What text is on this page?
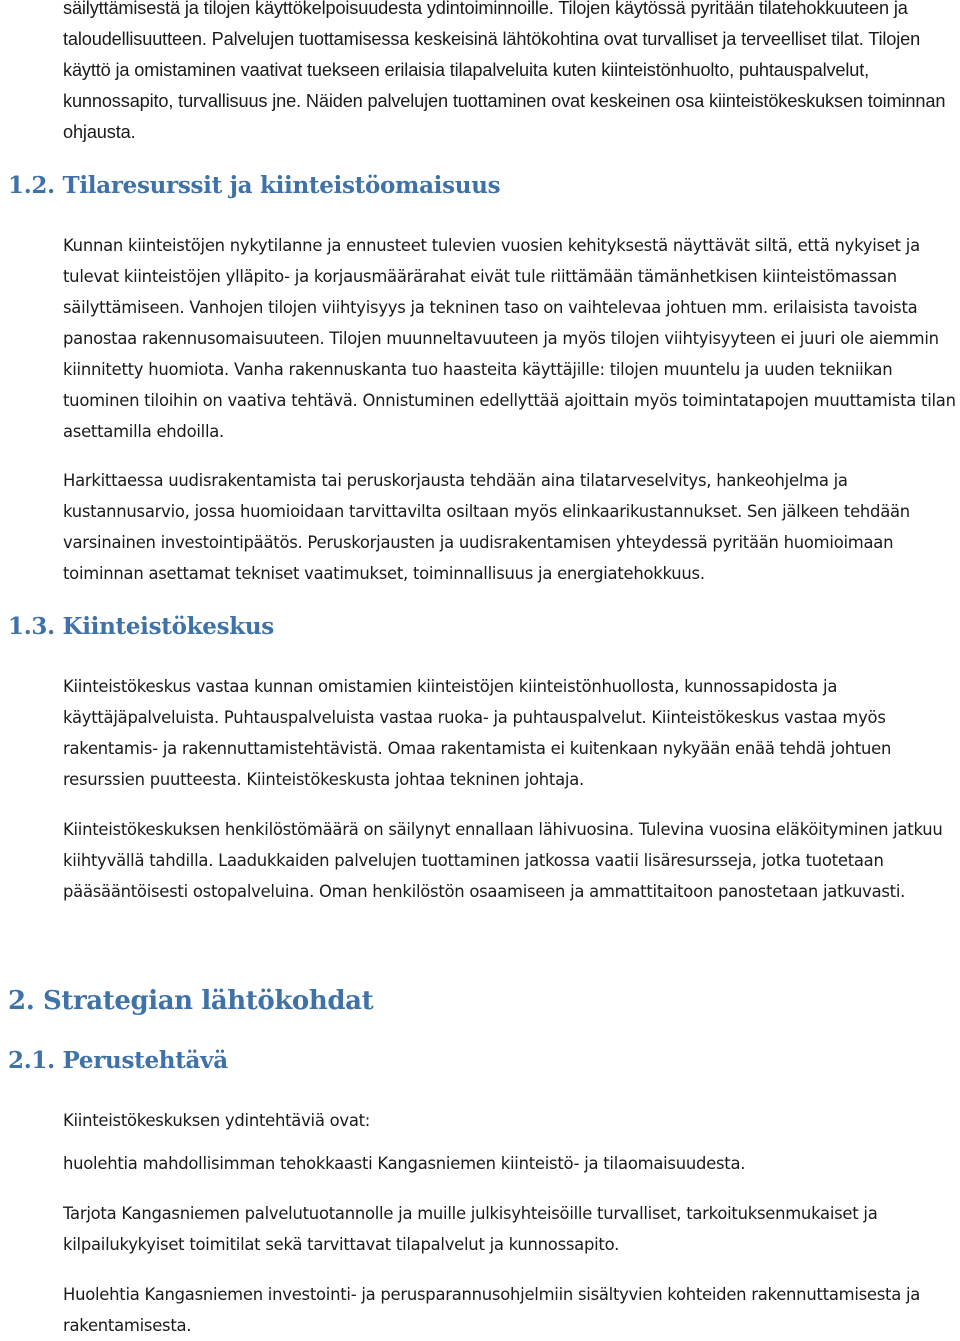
säilyttämisestä ja tilojen käyttökelpoisuudesta ydintoiminnoille. Tilojen käytössä pyritään tilatehokkuuteen ja taloudellisuutteen. Palvelujen tuottamisessa keskeisinä lähtökohtina ovat turvalliset ja terveelliset tilat. Tilojen käyttö ja omistaminen vaativat tuekseen erilaisia tilapalveluita kuten kiinteistönhuolto, puhtauspalvelut, kunnossapito, turvallisuus jne. Näiden palvelujen tuottaminen ovat keskeinen osa kiinteistökeskuksen toiminnan ohjausta.

1.2. Tilaresurssit ja kiinteistöomaisuus

Kunnan kiinteistöjen nykytilanne ja ennusteet tulevien vuosien kehityksestä näyttävät siltä, että nykyiset ja tulevat kiinteistöjen ylläpito- ja korjausmäärärahat eivät tule riittämään tämänhetkisen kiinteistömassan säilyttämiseen. Vanhojen tilojen viihtyisyys ja tekninen taso on vaihtelevaa johtuen mm. erilaisista tavoista panostaa rakennusomaisuuteen. Tilojen muunneltavuuteen ja myös tilojen viihtyisyyteen ei juuri ole aiemmin kiinnitetty huomiota. Vanha rakennuskanta tuo haasteita käyttäjille: tilojen muuntelu ja uuden tekniikan tuominen tiloihin on vaativa tehtävä. Onnistuminen edellyttää ajoittain myös toimintatapojen muuttamista tilan asettamilla ehdoilla.

Harkittaessa uudisrakentamista tai peruskorjausta tehdään aina tilatarveselvitys, hankeohjelma ja kustannusarvio, jossa huomioidaan tarvittavilta osiltaan myös elinkaarikustannukset. Sen jälkeen tehdään varsinainen investointipäätös. Peruskorjausten ja uudisrakentamisen yhteydessä pyritään huomioimaan toiminnan asettamat tekniset vaatimukset, toiminnallisuus ja energiatehokkuus.

1.3. Kiinteistökeskus

Kiinteistökeskus vastaa kunnan omistamien kiinteistöjen kiinteistönhuollosta, kunnossapidosta ja käyttäjäpalveluista. Puhtauspalveluista vastaa ruoka- ja puhtauspalvelut. Kiinteistökeskus vastaa myös rakentamis- ja rakennuttamistehtävistä. Omaa rakentamista ei kuitenkaan nykyään enää tehdä johtuen resurssien puutteesta. Kiinteistökeskusta johtaa tekninen johtaja.

Kiinteistökeskuksen henkilöstömäärä on säilynyt ennallaan lähivuosina. Tulevina vuosina eläköityminen jatkuu kiihtyvällä tahdilla. Laadukkaiden palvelujen tuottaminen jatkossa vaatii lisäresursseja, jotka tuotetaan pääsääntöisesti ostopalveluina. Oman henkilöstön osaamiseen ja ammattitaitoon panostetaan jatkuvasti.

2. Strategian lähtökohdat
2.1. Perustehtävä

Kiinteistökeskuksen ydintehtäviä ovat:

huolehtia mahdollisimman tehokkaasti Kangasniemen kiinteistö- ja tilaomaisuudesta.

Tarjota Kangasniemen palvelutuotannolle ja muille julkisyhteisöille turvalliset, tarkoituksenmukaiset ja kilpailukykyiset toimitilat sekä tarvittavat tilapalvelut ja kunnossapito.

Huolehtia Kangasniemen investointi- ja perusparannusohjelmiin sisältyvien kohteiden rakennuttamisesta ja rakentamisesta.
